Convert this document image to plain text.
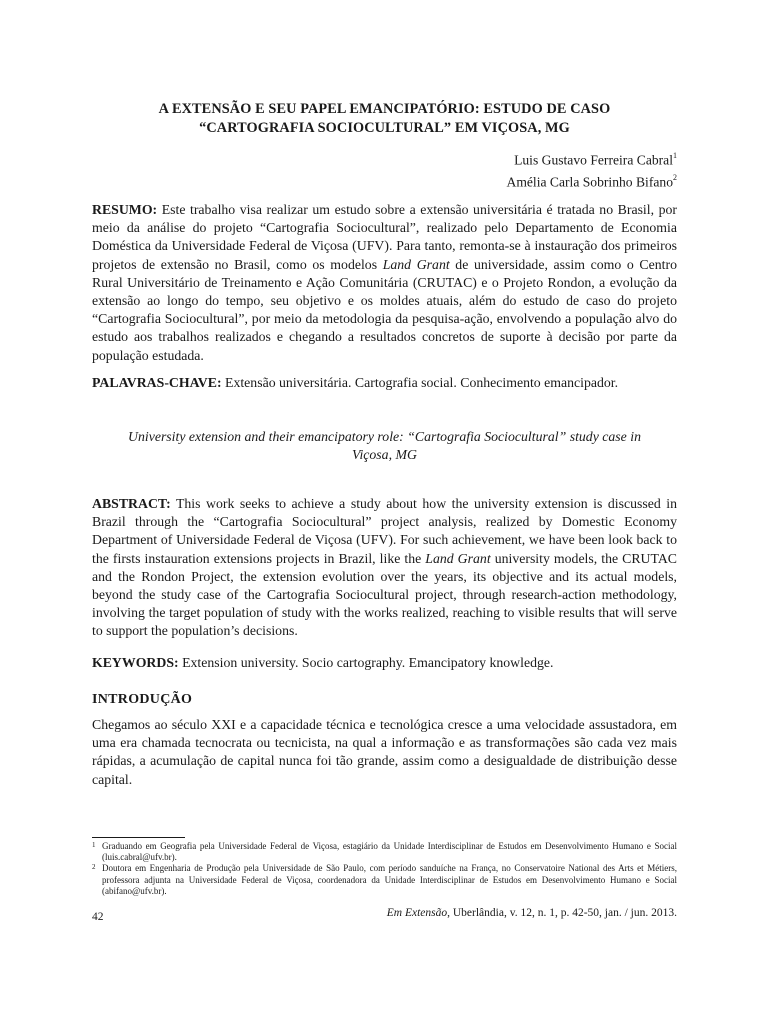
A EXTENSÃO E SEU PAPEL EMANCIPATÓRIO: ESTUDO DE CASO
“CARTOGRAFIA SOCIOCULTURAL” EM VIÇOSA, MG
Luis Gustavo Ferreira Cabral$^1$
Amélia Carla Sobrinho Bifano$^2$
RESUMO: Este trabalho visa realizar um estudo sobre a extensão universitária é tratada no Brasil, por meio da análise do projeto “Cartografia Sociocultural”, realizado pelo Departamento de Economia Doméstica da Universidade Federal de Viçosa (UFV). Para tanto, remonta-se à instauração dos primeiros projetos de extensão no Brasil, como os modelos Land Grant de universidade, assim como o Centro Rural Universitário de Treinamento e Ação Comunitária (CRUTAC) e o Projeto Rondon, a evolução da extensão ao longo do tempo, seu objetivo e os moldes atuais, além do estudo de caso do projeto “Cartografia Sociocultural”, por meio da metodologia da pesquisa-ação, envolvendo a população alvo do estudo aos trabalhos realizados e chegando a resultados concretos de suporte à decisão por parte da população estudada.
PALAVRAS-CHAVE: Extensão universitária. Cartografia social. Conhecimento emancipador.
University extension and their emancipatory role: “Cartografia Sociocultural” study case in
Viçosa, MG
ABSTRACT: This work seeks to achieve a study about how the university extension is discussed in Brazil through the “Cartografia Sociocultural” project analysis, realized by Domestic Economy Department of Universidade Federal de Viçosa (UFV). For such achievement, we have been look back to the firsts instauration extensions projects in Brazil, like the Land Grant university models, the CRUTAC and the Rondon Project, the extension evolution over the years, its objective and its actual models, beyond the study case of the Cartografia Sociocultural project, through research-action methodology, involving the target population of study with the works realized, reaching to visible results that will serve to support the population’s decisions.
KEYWORDS: Extension university. Socio cartography. Emancipatory knowledge.
INTRODUÇÃO
Chegamos ao século XXI e a capacidade técnica e tecnológica cresce a uma velocidade assustadora, em uma era chamada tecnocrata ou tecnicista, na qual a informação e as transformações são cada vez mais rápidas, a acumulação de capital nunca foi tão grande, assim como a desigualdade de distribuição desse capital.
1 Graduando em Geografia pela Universidade Federal de Viçosa, estagiário da Unidade Interdisciplinar de Estudos em Desenvolvimento Humano e Social (luis.cabral@ufv.br).
2 Doutora em Engenharia de Produção pela Universidade de São Paulo, com período sanduíche na França, no Conservatoire National des Arts et Métiers, professora adjunta na Universidade Federal de Viçosa, coordenadora da Unidade Interdisciplinar de Estudos em Desenvolvimento Humano e Social (abifano@ufv.br).
42	Em Extensão, Uberlândia, v. 12, n. 1, p. 42-50, jan. / jun. 2013.
